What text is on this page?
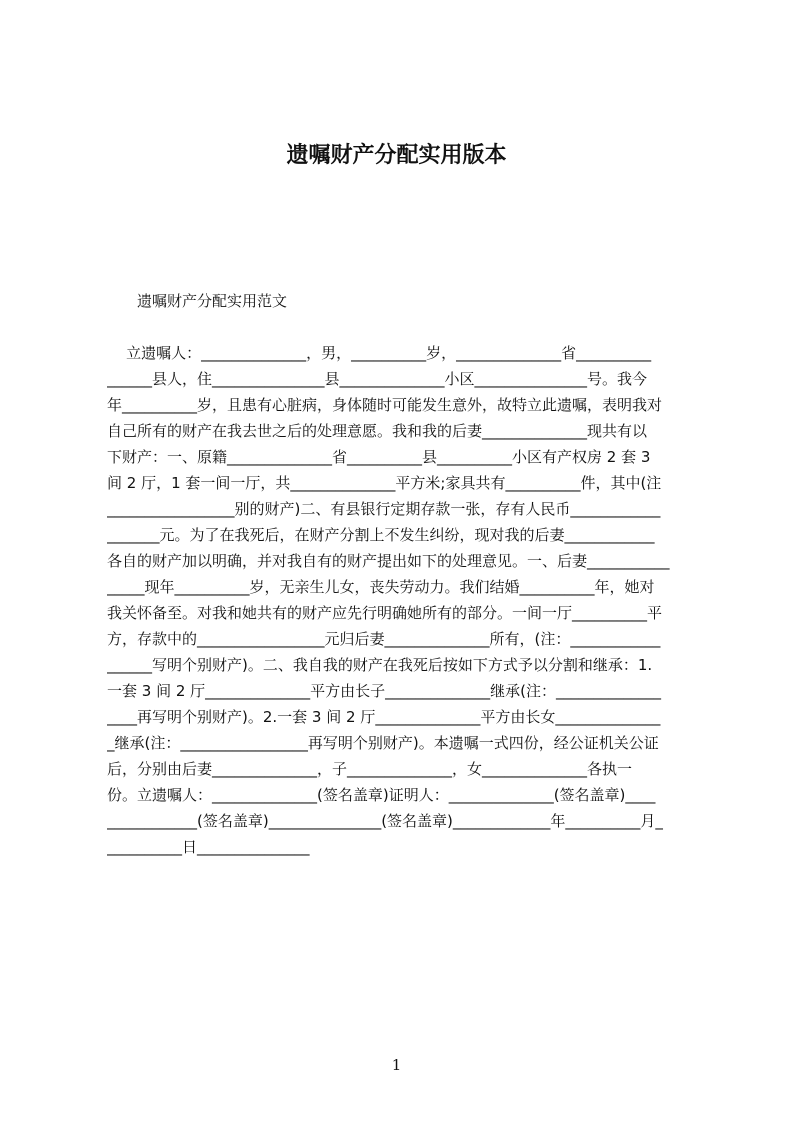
遗嘱财产分配实用版本
遗嘱财产分配实用范文
立遗嘱人：______________，男，__________岁，______________省__________
______县人，住_______________县______________小区_______________号。我今
年__________岁，且患有心脏病，身体随时可能发生意外，故特立此遗嘱，表明我对
自己所有的财产在我去世之后的处理意愿。我和我的后妻______________现共有以
下财产：一、原籍______________省__________县__________小区有产权房 2 套 3
间 2 厅，1 套一间一厅，共______________平方米;家具共有__________件，其中(注
_________________别的财产)二、有县银行定期存款一张，存有人民币____________
_______元。为了在我死后，在财产分割上不发生纠纷，现对我的后妻____________
各自的财产加以明确，并对我自有的财产提出如下的处理意见。一、后妻___________
_____现年__________岁，无亲生儿女，丧失劳动力。我们结婚__________年，她对
我关怀备至。对我和她共有的财产应先行明确她所有的部分。一间一厅__________平
方，存款中的_________________元归后妻______________所有，(注：____________
______写明个别财产)。二、我自我的财产在我死后按如下方式予以分割和继承：1.
一套 3 间 2 厅______________平方由长子______________继承(注：______________
____再写明个别财产)。2.一套 3 间 2 厅______________平方由长女______________
_继承(注：_________________再写明个别财产)。本遗嘱一式四份，经公证机关公证
后，分别由后妻______________，子______________，女______________各执一
份。立遗嘱人：______________(签名盖章)证明人：______________(签名盖章)____
____________(签名盖章)_______________(签名盖章)_____________年__________月_
__________日_______________
1
